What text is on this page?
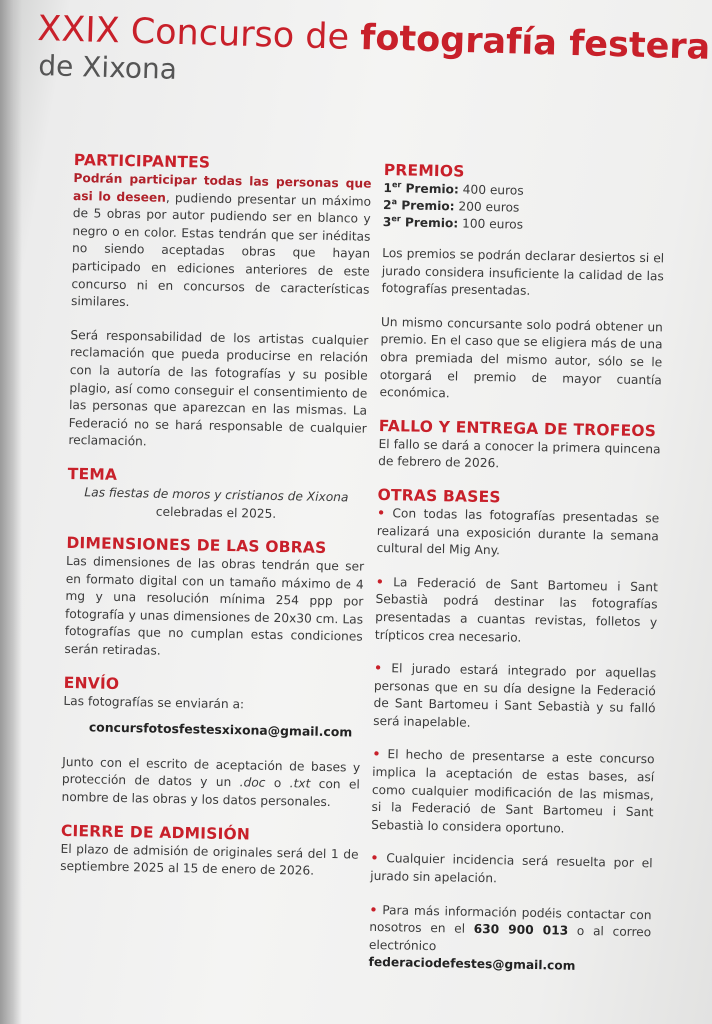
XXIX Concurso de fotografía festera
de Xixona
PARTICIPANTES

Podrán participar todas las personas que asi lo deseen, pudiendo presentar un máximo de 5 obras por autor pudiendo ser en blanco y negro o en color. Estas tendrán que ser inéditas no siendo aceptadas obras que hayan participado en ediciones anteriores de este concurso ni en concursos de características similares.

Será responsabilidad de los artistas cualquier reclamación que pueda producirse en relación con la autoría de las fotografías y su posible plagio, así como conseguir el consentimiento de las personas que aparezcan en las mismas. La Federació no se hará responsable de cualquier reclamación.

TEMA

Las fiestas de moros y cristianos de Xixona

celebradas el 2025.

DIMENSIONES DE LAS OBRAS

Las dimensiones de las obras tendrán que ser en formato digital con un tamaño máximo de 4 mg y una resolución mínima 254 ppp por fotografía y unas dimensiones de 20x30 cm. Las fotografías que no cumplan estas condiciones serán retiradas.

ENVÍO

Las fotografías se enviarán a:

concursfotosfestesxixona@gmail.com

Junto con el escrito de aceptación de bases y protección de datos y un .doc o .txt con el nombre de las obras y los datos personales.

CIERRE DE ADMISIÓN

El plazo de admisión de originales será del 1 de septiembre 2025 al 15 de enero de 2026.

PREMIOS
1er Premio: 400 euros
2$^a$ Premio: 200 euros
3er Premio: 100 euros

Los premios se podrán declarar desiertos si el jurado considera insuficiente la calidad de las fotografías presentadas.

Un mismo concursante solo podrá obtener un premio. En el caso que se eligiera más de una obra premiada del mismo autor, sólo se le otorgará el premio de mayor cuantía económica.

FALLO Y ENTREGA DE TROFEOS

El fallo se dará a conocer la primera quincena de febrero de 2026.

OTRAS BASES

• Con todas las fotografías presentadas se realizará una exposición durante la semana cultural del Mig Any.

• La Federació de Sant Bartomeu i Sant Sebastià podrá destinar las fotografías presentadas a cuantas revistas, folletos y trípticos crea necesario.

• El jurado estará integrado por aquellas personas que en su día designe la Federació de Sant Bartomeu i Sant Sebastià y su falló será inapelable.

• El hecho de presentarse a este concurso implica la aceptación de estas bases, así como cualquier modificación de las mismas, si la Federació de Sant Bartomeu i Sant Sebastià lo considera oportuno.

• Cualquier incidencia será resuelta por el jurado sin apelación.

• Para más información podéis contactar con nosotros en el 630 900 013 o al correo electrónico
federaciodefestes@gmail.com
